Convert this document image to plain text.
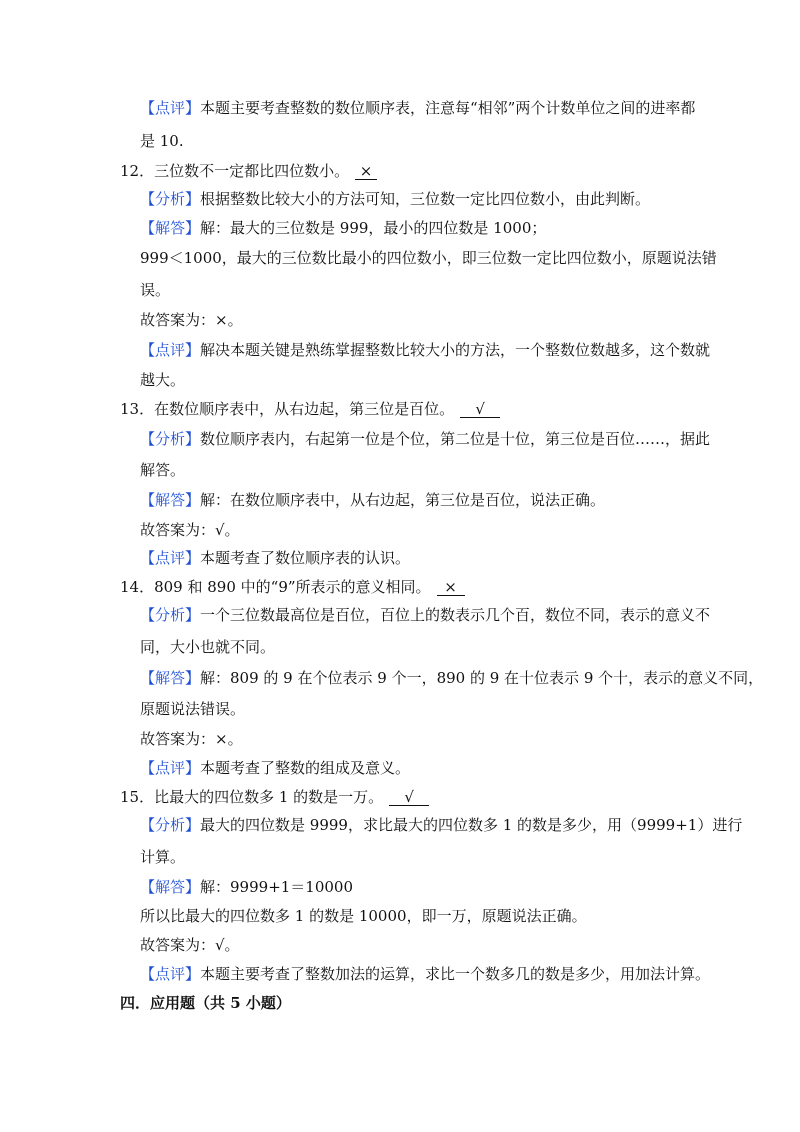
【点评】本题主要考查整数的数位顺序表，注意每“相邻”两个计数单位之间的进率都
是 10.
12．三位数不一定都比四位数小。 ×
【分析】根据整数比较大小的方法可知，三位数一定比四位数小，由此判断。
【解答】解：最大的三位数是 999，最小的四位数是 1000；
999＜1000，最大的三位数比最小的四位数小，即三位数一定比四位数小，原题说法错
误。
故答案为：×。
【点评】解决本题关键是熟练掌握整数比较大小的方法，一个整数位数越多，这个数就
越大。
13．在数位顺序表中，从右边起，第三位是百位。 √
【分析】数位顺序表内，右起第一位是个位，第二位是十位，第三位是百位……，据此
解答。
【解答】解：在数位顺序表中，从右边起，第三位是百位，说法正确。
故答案为：√。
【点评】本题考查了数位顺序表的认识。
14．809 和 890 中的“9”所表示的意义相同。 ×
【分析】一个三位数最高位是百位，百位上的数表示几个百，数位不同，表示的意义不
同，大小也就不同。
【解答】解：809 的 9 在个位表示 9 个一，890 的 9 在十位表示 9 个十，表示的意义不同，
原题说法错误。
故答案为：×。
【点评】本题考查了整数的组成及意义。
15．比最大的四位数多 1 的数是一万。 √
【分析】最大的四位数是 9999，求比最大的四位数多 1 的数是多少，用（9999+1）进行
计算。
【解答】解：9999+1＝10000
所以比最大的四位数多 1 的数是 10000，即一万，原题说法正确。
故答案为：√。
【点评】本题主要考查了整数加法的运算，求比一个数多几的数是多少，用加法计算。
四．应用题（共 5 小题）
